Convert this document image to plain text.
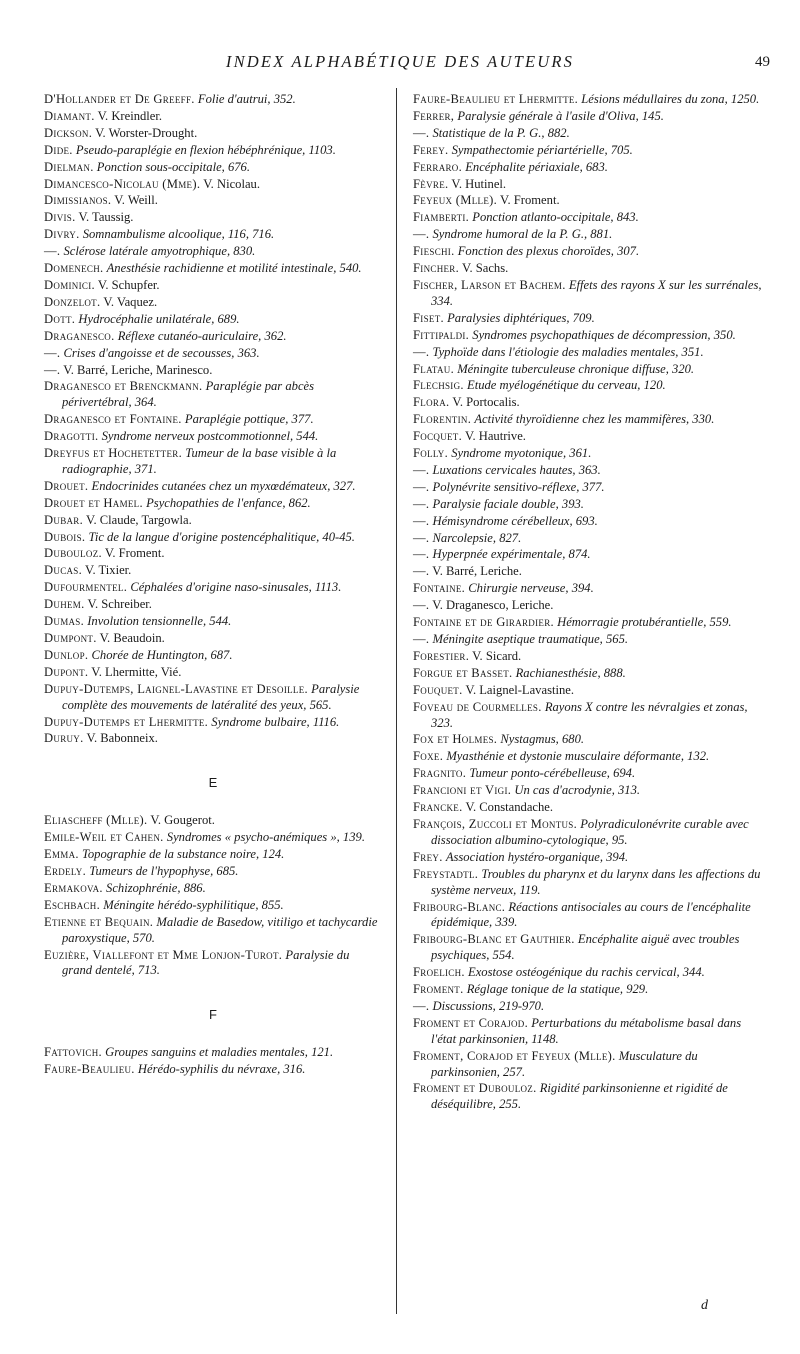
INDEX ALPHABÉTIQUE DES AUTEURS	49
D'Hollander et De Greeff. Folie d'autrui, 352.
Diamant. V. Kreindler.
Dickson. V. Worster-Drought.
Dide. Pseudo-paraplégie en flexion hébéphrénique, 1103.
Dielman. Ponction sous-occipitale, 676.
Dimancesco-Nicolau (Mme). V. Nicolau.
Dimissianos. V. Weill.
Divis. V. Taussig.
Divry. Somnambulisme alcoolique, 116, 716.
—. Sclérose latérale amyotrophique, 830.
Domenech. Anesthésie rachidienne et motilité intestinale, 540.
Dominici. V. Schupfer.
Donzelot. V. Vaquez.
Dott. Hydrocéphalie unilatérale, 689.
Draganesco. Réflexe cutanéo-auriculaire, 362.
—. Crises d'angoisse et de secousses, 363.
—. V. Barré, Leriche, Marinesco.
Draganesco et Brenckmann. Paraplégie par abcès périvertébral, 364.
Draganesco et Fontaine. Paraplégie pottique, 377.
Dragotti. Syndrome nerveux postcommotionnel, 544.
Dreyfus et Hochetetter. Tumeur de la base visible à la radiographie, 371.
Drouet. Endocrinides cutanées chez un myxœdémateux, 327.
Drouet et Hamel. Psychopathies de l'enfance, 862.
Dubar. V. Claude, Targowla.
Dubois. Tic de la langue d'origine postencéphalitique, 40-45.
Dubouloz. V. Froment.
Ducas. V. Tixier.
Dufourmentel. Céphalées d'origine naso-sinusales, 1113.
Duhem. V. Schreiber.
Dumas. Involution tensionnelle, 544.
Dumpont. V. Beaudoin.
Dunlop. Chorée de Huntington, 687.
Dupont. V. Lhermitte, Vié.
Dupuy-Dutemps, Laignel-Lavastine et Desoille. Paralysie complète des mouvements de latéralité des yeux, 565.
Dupuy-Dutemps et Lhermitte. Syndrome bulbaire, 1116.
Duruy. V. Babonneix.
E
Eliascheff (Mlle). V. Gougerot.
Emile-Weil et Cahen. Syndromes « psycho-anémiques », 139.
Emma. Topographie de la substance noire, 124.
Erdely. Tumeurs de l'hypophyse, 685.
Ermakova. Schizophrénie, 886.
Eschbach. Méningite hérédo-syphilitique, 855.
Etienne et Bequain. Maladie de Basedow, vitiligo et tachycardie paroxystique, 570.
Euzière, Viallefont et Mme Lonjon-Turot. Paralysie du grand dentelé, 713.
F
Fattovich. Groupes sanguins et maladies mentales, 121.
Faure-Beaulieu. Hérédo-syphilis du névraxe, 316.
Faure-Beaulieu et Lhermitte. Lésions médullaires du zona, 1250.
Ferrer, Paralysie générale à l'asile d'Oliva, 145.
—. Statistique de la P. G., 882.
Ferey. Sympathectomie périartérielle, 705.
Ferraro. Encéphalite périaxiale, 683.
Fèvre. V. Hutinel.
Feyeux (Mlle). V. Froment.
Fiamberti. Ponction atlanto-occipitale, 843.
—. Syndrome humoral de la P. G., 881.
Fieschi. Fonction des plexus choroïdes, 307.
Fincher. V. Sachs.
Fischer, Larson et Bachem. Effets des rayons X sur les surrénales, 334.
Fiset. Paralysies diphtériques, 709.
Fittipaldi. Syndromes psychopathiques de décompression, 350.
—. Typhoïde dans l'étiologie des maladies mentales, 351.
Flatau. Méningite tuberculeuse chronique diffuse, 320.
Flechsig. Etude myélogénétique du cerveau, 120.
Flora. V. Portocalis.
Florentin. Activité thyroïdienne chez les mammifères, 330.
Focquet. V. Hautrive.
Folly. Syndrome myotonique, 361.
—. Luxations cervicales hautes, 363.
—. Polynévrite sensitivo-réflexe, 377.
—. Paralysie faciale double, 393.
—. Hémisyndrome cérébelleux, 693.
—. Narcolepsie, 827.
—. Hyperpnée expérimentale, 874.
—. V. Barré, Leriche.
Fontaine. Chirurgie nerveuse, 394.
—. V. Draganesco, Leriche.
Fontaine et de Girardier. Hémorragie protubérantielle, 559.
—. Méningite aseptique traumatique, 565.
Forestier. V. Sicard.
Forgue et Basset. Rachianesthésie, 888.
Fouquet. V. Laignel-Lavastine.
Foveau de Courmelles. Rayons X contre les névralgies et zonas, 323.
Fox et Holmes. Nystagmus, 680.
Foxe. Myasthénie et dystonie musculaire déformante, 132.
Fragnito. Tumeur ponto-cérébelleuse, 694.
Francioni et Vigi. Un cas d'acrodynie, 313.
Francke. V. Constandache.
François, Zuccoli et Montus. Polyradiculonévrite curable avec dissociation albumino-cytologique, 95.
Frey. Association hystéro-organique, 394.
Freystadtl. Troubles du pharynx et du larynx dans les affections du système nerveux, 119.
Fribourg-Blanc. Réactions antisociales au cours de l'encéphalite épidémique, 339.
Fribourg-Blanc et Gauthier. Encéphalite aiguë avec troubles psychiques, 554.
Froelich. Exostose ostéogénique du rachis cervical, 344.
Froment. Réglage tonique de la statique, 929.
—. Discussions, 219-970.
Froment et Corajod. Perturbations du métabolisme basal dans l'état parkinsonien, 1148.
Froment, Corajod et Feyeux (Mlle). Musculature du parkinsonien, 257.
Froment et Dubouloz. Rigidité parkinsonienne et rigidité de déséquilibre, 255.
d
